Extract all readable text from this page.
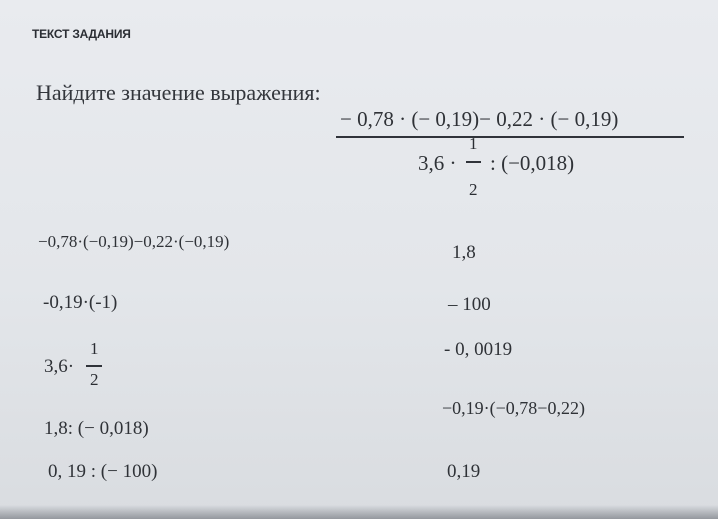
ТЕКСТ ЗАДАНИЯ
Найдите значение выражения:
− 0,78 · (− 0,19)− 0,22 · (− 0,19)
3,6 ·
1
2
: (−0,018)
−0,78·(−0,19)−0,22·(−0,19)
-0,19·(-1)
3,6·
1
2
1,8: (− 0,018)
0, 19 : (− 100)
1,8
– 100
- 0, 0019
−0,19·(−0,78−0,22)
0,19
